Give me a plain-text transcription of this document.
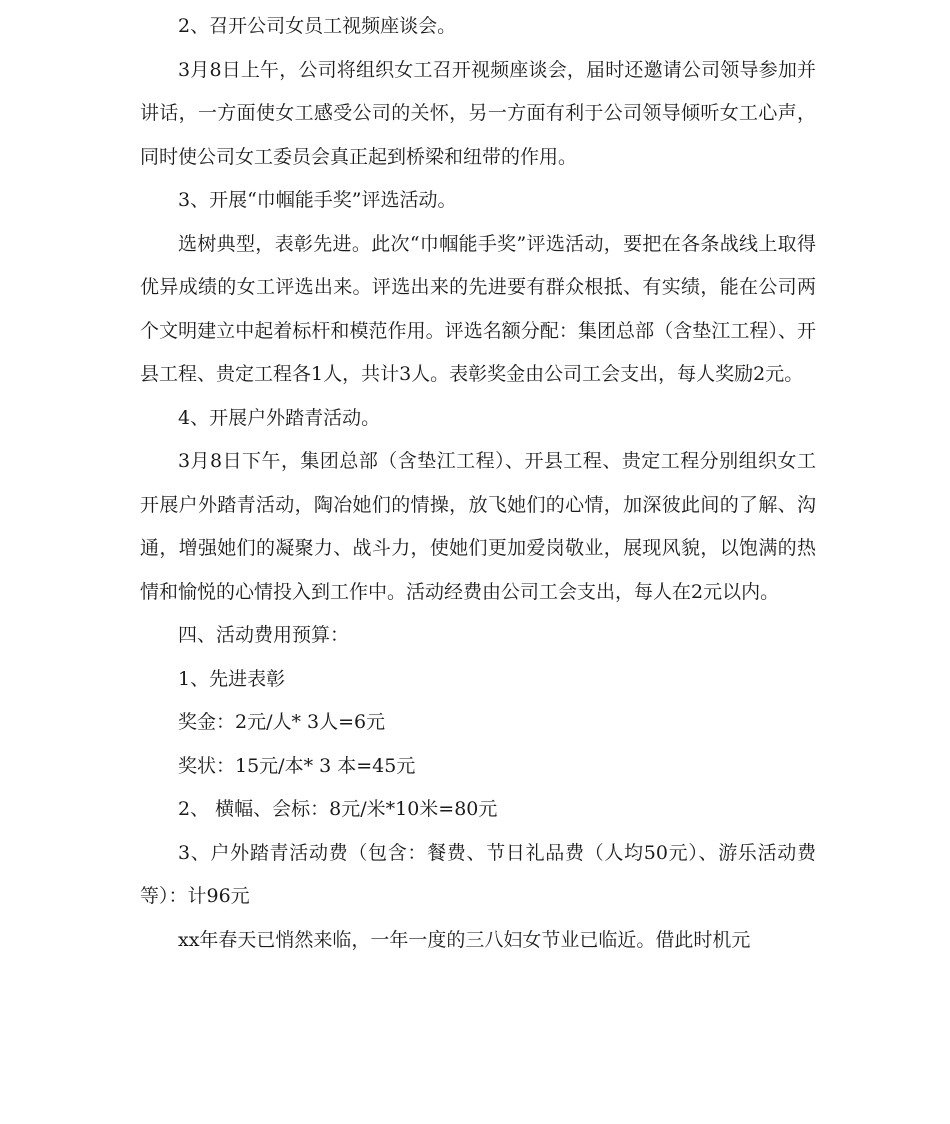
2、召开公司女员工视频座谈会。

3月8日上午，公司将组织女工召开视频座谈会，届时还邀请公司领导参加并讲话，一方面使女工感受公司的关怀，另一方面有利于公司领导倾听女工心声，同时使公司女工委员会真正起到桥梁和纽带的作用。

3、开展“巾帼能手奖”评选活动。

选树典型，表彰先进。此次“巾帼能手奖”评选活动，要把在各条战线上取得优异成绩的女工评选出来。评选出来的先进要有群众根抵、有实绩，能在公司两个文明建立中起着标杆和模范作用。评选名额分配：集团总部（含垫江工程）、开县工程、贵定工程各1人，共计3人。表彰奖金由公司工会支出，每人奖励2元。

4、开展户外踏青活动。

3月8日下午，集团总部（含垫江工程）、开县工程、贵定工程分别组织女工开展户外踏青活动，陶冶她们的情操，放飞她们的心情，加深彼此间的了解、沟通，增强她们的凝聚力、战斗力，使她们更加爱岗敬业，展现风貌，以饱满的热情和愉悦的心情投入到工作中。活动经费由公司工会支出，每人在2元以内。

四、活动费用预算：

1、先进表彰

奖金：2元/人* 3人=6元

奖状：15元/本* 3 本=45元

2、 横幅、会标：8元/米*10米=80元

3、户外踏青活动费（包含：餐费、节日礼品费（人均50元）、游乐活动费等）：计96元

xx年春天已悄然来临，一年一度的三八妇女节业已临近。借此时机元
